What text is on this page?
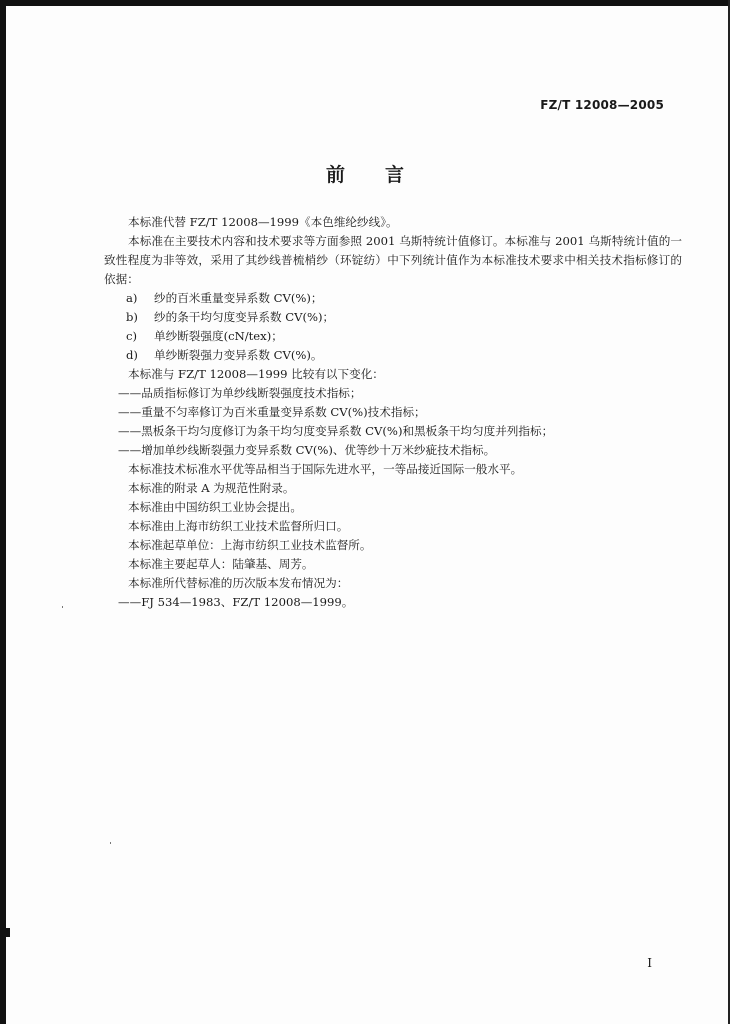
FZ/T 12008—2005
前 言
本标准代替 FZ/T 12008—1999《本色维纶纱线》。
本标准在主要技术内容和技术要求等方面参照 2001 乌斯特统计值修订。本标准与 2001 乌斯特统计值的一致性程度为非等效，采用了其纱线普梳梢纱（环锭纺）中下列统计值作为本标准技术要求中相关技术指标修订的依据：
a) 纱的百米重量变异系数 CV(%)；
b) 纱的条干均匀度变异系数 CV(%)；
c) 单纱断裂强度(cN/tex)；
d) 单纱断裂强力变异系数 CV(%)。
本标准与 FZ/T 12008—1999 比较有以下变化：
——品质指标修订为单纱线断裂强度技术指标；
——重量不匀率修订为百米重量变异系数 CV(%)技术指标；
——黑板条干均匀度修订为条干均匀度变异系数 CV(%)和黑板条干均匀度并列指标；
——增加单纱线断裂强力变异系数 CV(%)、优等纱十万米纱疵技术指标。
本标准技术标准水平优等品相当于国际先进水平，一等品接近国际一般水平。
本标准的附录 A 为规范性附录。
本标准由中国纺织工业协会提出。
本标准由上海市纺织工业技术监督所归口。
本标准起草单位：上海市纺织工业技术监督所。
本标准主要起草人：陆肇基、周芳。
本标准所代替标准的历次版本发布情况为：
——FJ 534—1983、FZ/T 12008—1999。
I
